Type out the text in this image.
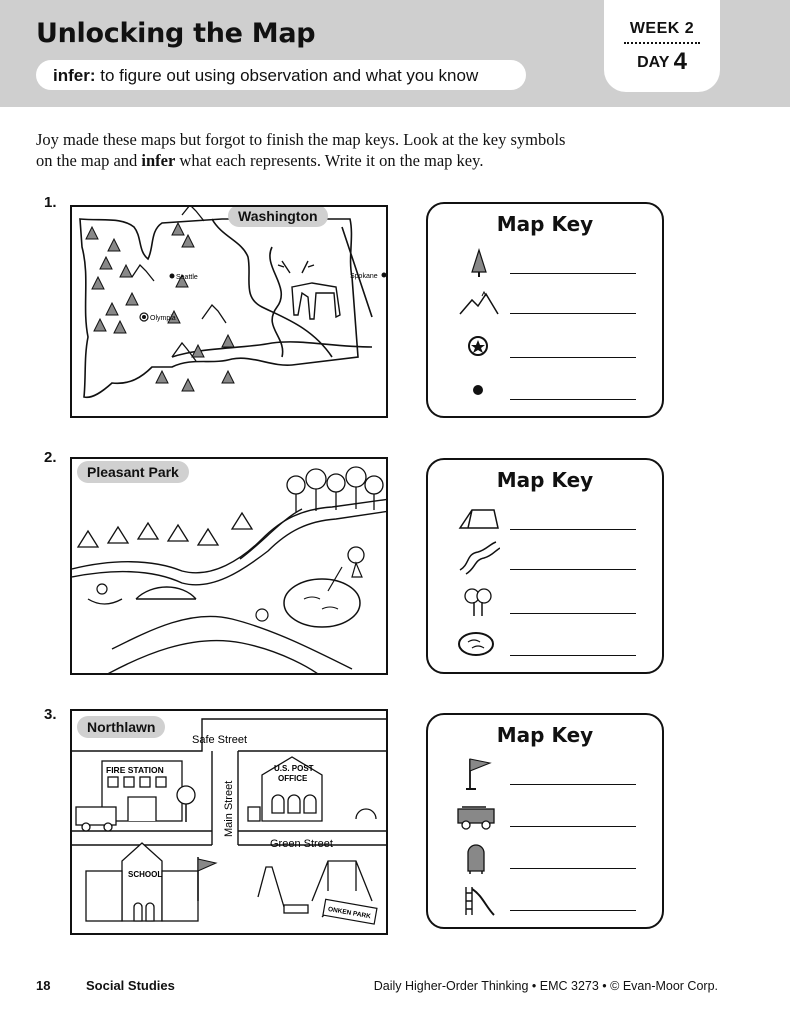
Unlocking the Map
infer: to figure out using observation and what you know
WEEK 2
DAY 4
Joy made these maps but forgot to finish the map keys. Look at the key symbols
on the map and infer what each represents. Write it on the map key.
1.
Seattle
Olympia
Spokane
Washington	Map Key
2.
Pleasant Park	Map Key
3.
Safe Street
Main Street
Green Street
FIRE STATION	U.S. POST
OFFICE
SCHOOL
ONKEN PARK
Northlawn	Map Key
18	Social Studies	Daily Higher-Order Thinking • EMC 3273 • © Evan-Moor Corp.
